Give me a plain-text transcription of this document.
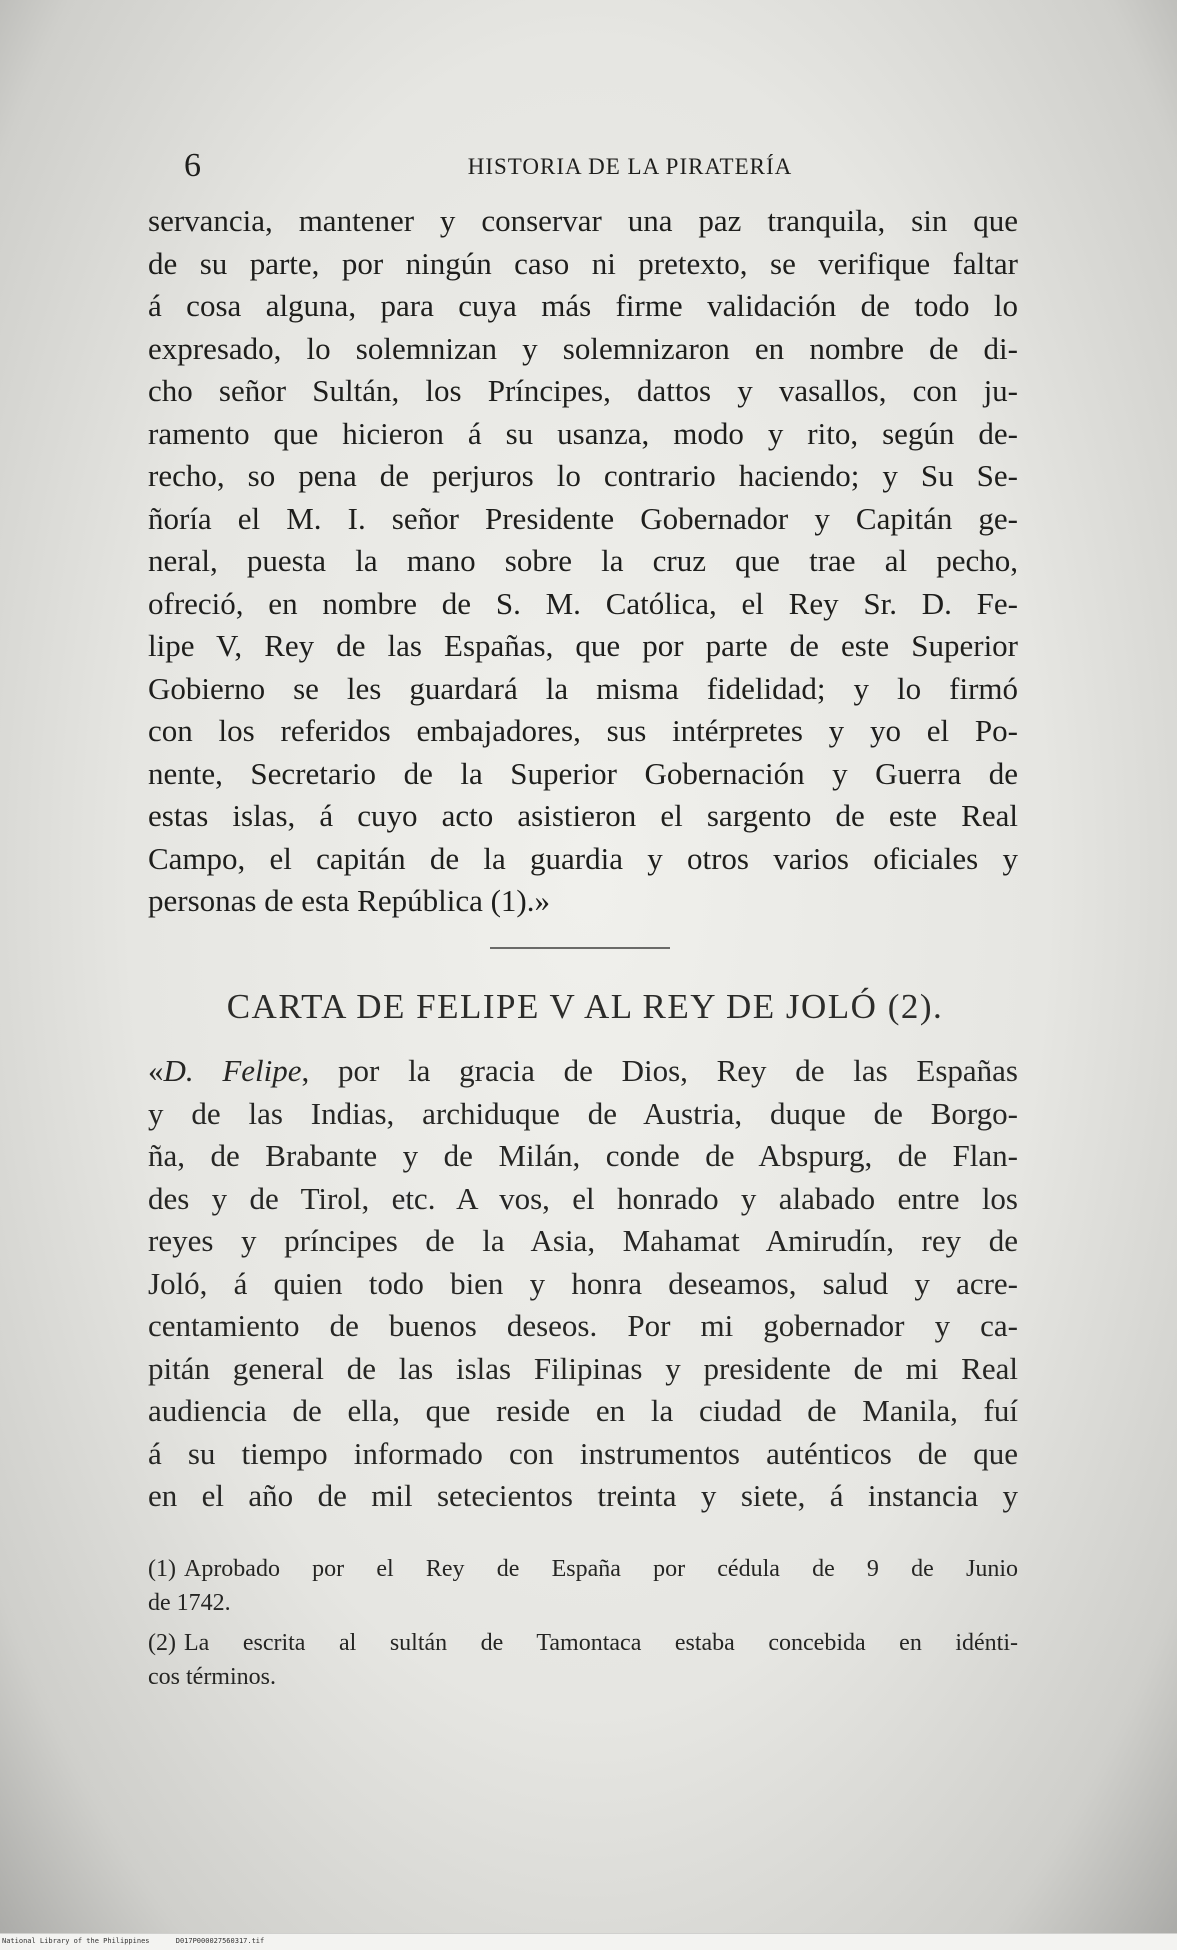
6	HISTORIA DE LA PIRATERÍA
servancia, mantener y conservar una paz tranquila, sin que
de su parte, por ningún caso ni pretexto, se verifique faltar
á cosa alguna, para cuya más firme validación de todo lo
expresado, lo solemnizan y solemnizaron en nombre de di-
cho señor Sultán, los Príncipes, dattos y vasallos, con ju-
ramento que hicieron á su usanza, modo y rito, según de-
recho, so pena de perjuros lo contrario haciendo; y Su Se-
ñoría el M. I. señor Presidente Gobernador y Capitán ge-
neral, puesta la mano sobre la cruz que trae al pecho,
ofreció, en nombre de S. M. Católica, el Rey Sr. D. Fe-
lipe V, Rey de las Españas, que por parte de este Superior
Gobierno se les guardará la misma fidelidad; y lo firmó
con los referidos embajadores, sus intérpretes y yo el Po-
nente, Secretario de la Superior Gobernación y Guerra de
estas islas, á cuyo acto asistieron el sargento de este Real
Campo, el capitán de la guardia y otros varios oficiales y
personas de esta República (1).»
CARTA DE FELIPE V AL REY DE JOLÓ (2).
«D. Felipe, por la gracia de Dios, Rey de las Españas
y de las Indias, archiduque de Austria, duque de Borgo-
ña, de Brabante y de Milán, conde de Abspurg, de Flan-
des y de Tirol, etc. A vos, el honrado y alabado entre los
reyes y príncipes de la Asia, Mahamat Amirudín, rey de
Joló, á quien todo bien y honra deseamos, salud y acre-
centamiento de buenos deseos. Por mi gobernador y ca-
pitán general de las islas Filipinas y presidente de mi Real
audiencia de ella, que reside en la ciudad de Manila, fuí
á su tiempo informado con instrumentos auténticos de que
en el año de mil setecientos treinta y siete, á instancia y
(1) Aprobado por el Rey de España por cédula de 9 de Junio
de 1742.
(2) La escrita al sultán de Tamontaca estaba concebida en idénti-
cos términos.
National Library of the Philippines	D017P000027560317.tif
